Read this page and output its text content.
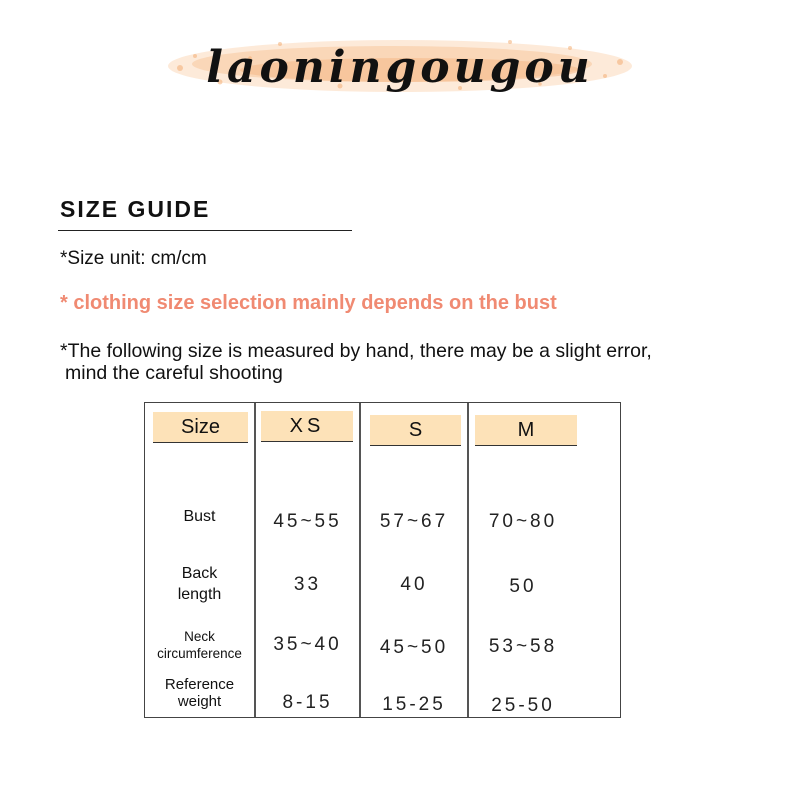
laoningougou
SIZE GUIDE
*Size unit: cm/cm
* clothing size selection mainly depends on the bust
*The following size is measured by hand, there may be a slight error,
mind the careful shooting
Size
Bust
Back
length
Neck
circumference
Reference
weight
XS
45~55
33
35~40
8-15
S
57~67
40
45~50
15-25
M
70~80
50
53~58
25-50
